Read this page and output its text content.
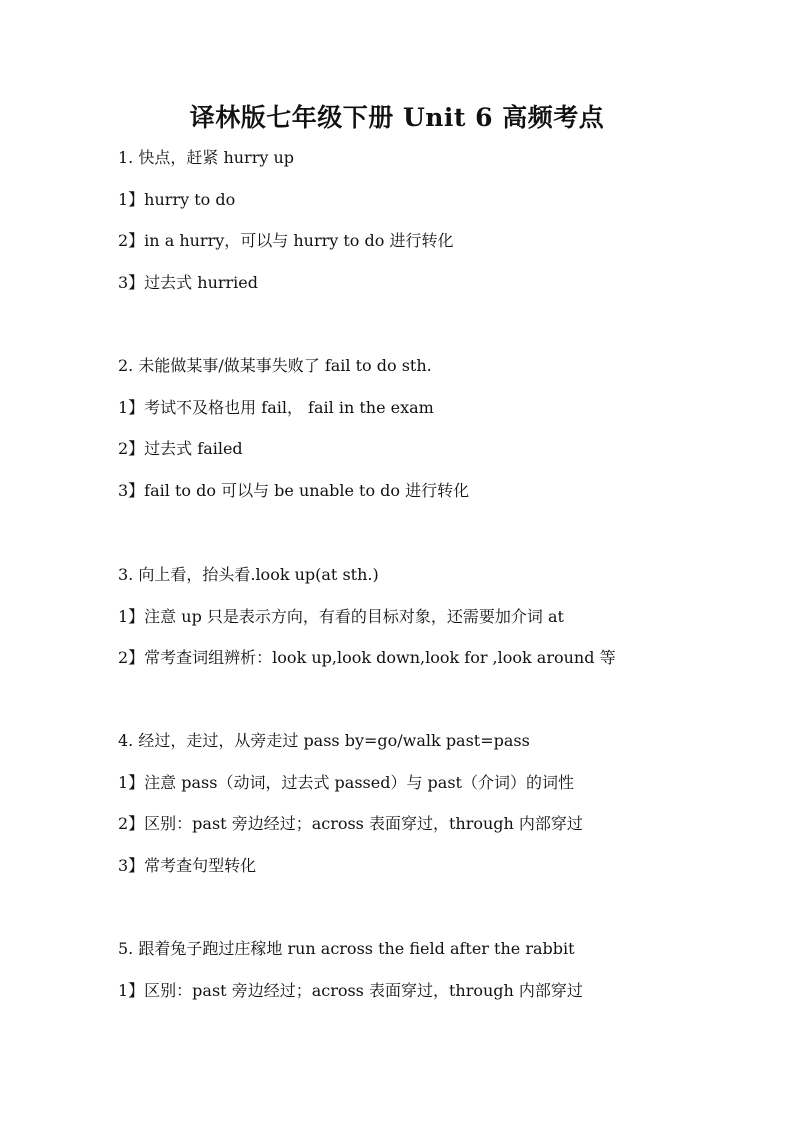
译林版七年级下册 Unit 6 高频考点
1. 快点，赶紧 hurry up
1】hurry to do
2】in a hurry，可以与 hurry to do 进行转化
3】过去式 hurried
2. 未能做某事/做某事失败了 fail to do sth.
1】考试不及格也用 fail， fail in the exam
2】过去式 failed
3】fail to do 可以与 be unable to do 进行转化
3. 向上看，抬头看.look up(at sth.)
1】注意 up 只是表示方向，有看的目标对象，还需要加介词 at
2】常考查词组辨析：look up,look down,look for ,look around 等
4. 经过，走过，从旁走过 pass by=go/walk past=pass
1】注意 pass（动词，过去式 passed）与 past（介词）的词性
2】区别：past 旁边经过；across 表面穿过，through 内部穿过
3】常考查句型转化
5. 跟着兔子跑过庄稼地 run across the field after the rabbit
1】区别：past 旁边经过；across 表面穿过，through 内部穿过
